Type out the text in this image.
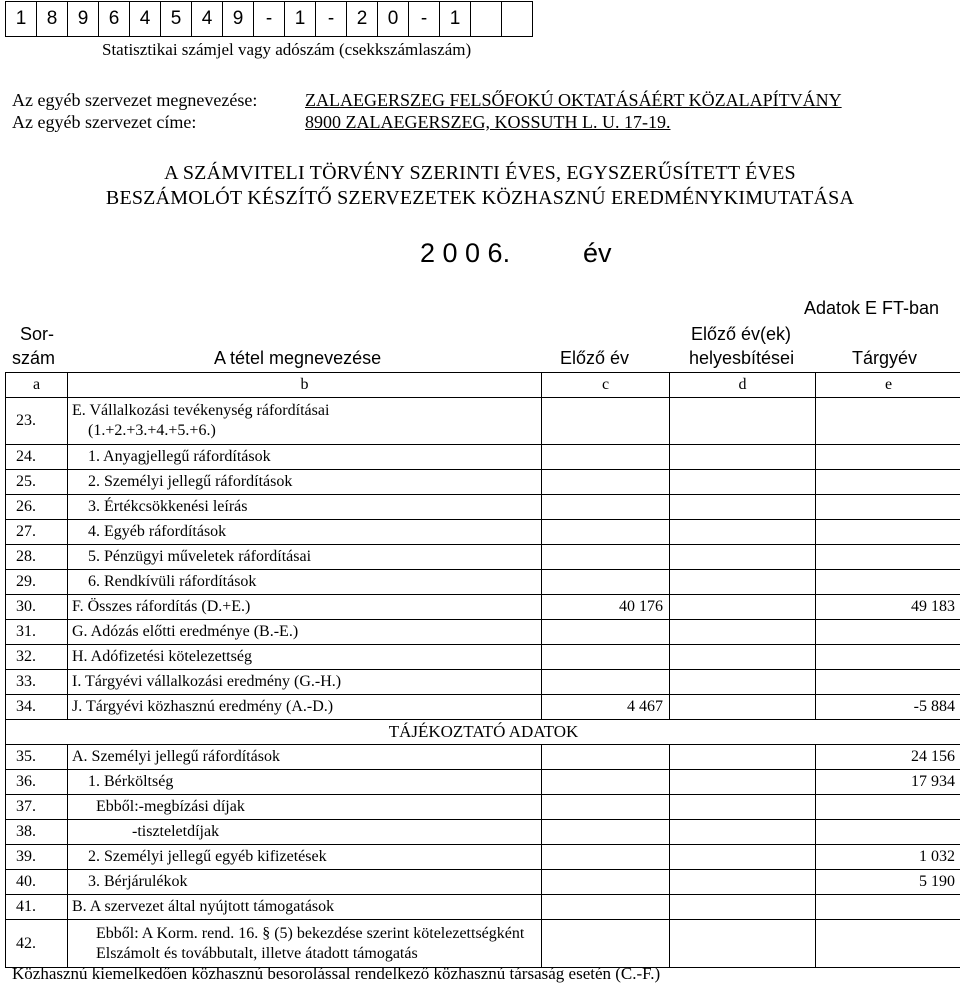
1	8	9	6	4	5	4	9	-	1	-	2	0	-	1		
Statisztikai számjel vagy adószám (csekkszámlaszám)
Az egyéb szervezet megnevezése:	ZALAEGERSZEG FELSŐFOKÚ OKTATÁSÁÉRT KÖZALAPÍTVÁNY
Az egyéb szervezet címe:	8900 ZALAEGERSZEG, KOSSUTH L. U. 17-19.
A SZÁMVITELI TÖRVÉNY SZERINTI ÉVES, EGYSZERŰSÍTETT ÉVES
BESZÁMOLÓT KÉSZÍTŐ SZERVEZETEK KÖZHASZNÚ EREDMÉNYKIMUTATÁSA
2 0 0 6.	év
Adatok E FT-ban
Sor-
szám	A tétel megnevezése	Előző év
Előző év(ek)
helyesbítései	Tárgyév
a	b	c	d	e
23.	E. Vállalkozási tevékenység ráfordításai
(1.+2.+3.+4.+5.+6.)			

24.	1. Anyagjellegű ráfordítások			

25.	2. Személyi jellegű ráfordítások			

26.	3. Értékcsökkenési leírás			

27.	4. Egyéb ráfordítások			

28.	5. Pénzügyi műveletek ráfordításai			

29.	6. Rendkívüli ráfordítások			

30.	F. Összes ráfordítás (D.+E.)	40 176		49 183
31.	G. Adózás előtti eredménye (B.-E.)			

32.	H. Adófizetési kötelezettség			

33.	I. Tárgyévi vállalkozási eredmény (G.-H.)			

34.	J. Tárgyévi közhasznú eredmény (A.-D.)	4 467		-5 884
TÁJÉKOZTATÓ ADATOK				
35.	A. Személyi jellegű ráfordítások			24 156
36.	1. Bérköltség			17 934
37.	Ebből:-megbízási díjak			

38.	-tiszteletdíjak			

39.	2. Személyi jellegű egyéb kifizetések			1 032
40.	3. Bérjárulékok			5 190
41.	B. A szervezet által nyújtott támogatások			

42.	Ebből: A Korm. rend. 16. § (5) bekezdése szerint kötelezettségként
Elszámolt és továbbutalt, illetve átadott támogatás			

Közhasznú kiemelkedően közhasznú besorolással rendelkező közhasznú társaság esetén (C.-F.)
